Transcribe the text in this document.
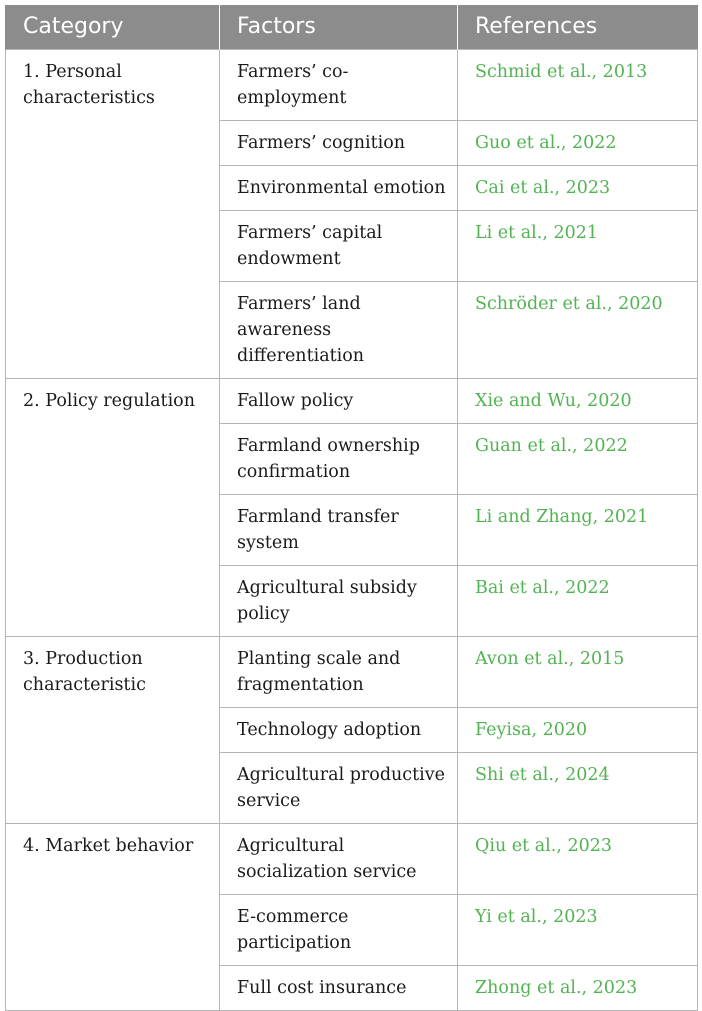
Category	Factors	References
1. Personal characteristics	Farmers’ co-employment	Schmid et al., 2013
	Farmers’ cognition	Guo et al., 2022
	Environmental emotion	Cai et al., 2023
	Farmers’ capital endowment	Li et al., 2021
	Farmers’ land awareness differentiation	Schröder et al., 2020
2. Policy regulation	Fallow policy	Xie and Wu, 2020
	Farmland ownership confirmation	Guan et al., 2022
	Farmland transfer system	Li and Zhang, 2021
	Agricultural subsidy policy	Bai et al., 2022
3. Production characteristic	Planting scale and fragmentation	Avon et al., 2015
	Technology adoption	Feyisa, 2020
	Agricultural productive service	Shi et al., 2024
4. Market behavior	Agricultural socialization service	Qiu et al., 2023
	E-commerce participation	Yi et al., 2023
	Full cost insurance	Zhong et al., 2023
